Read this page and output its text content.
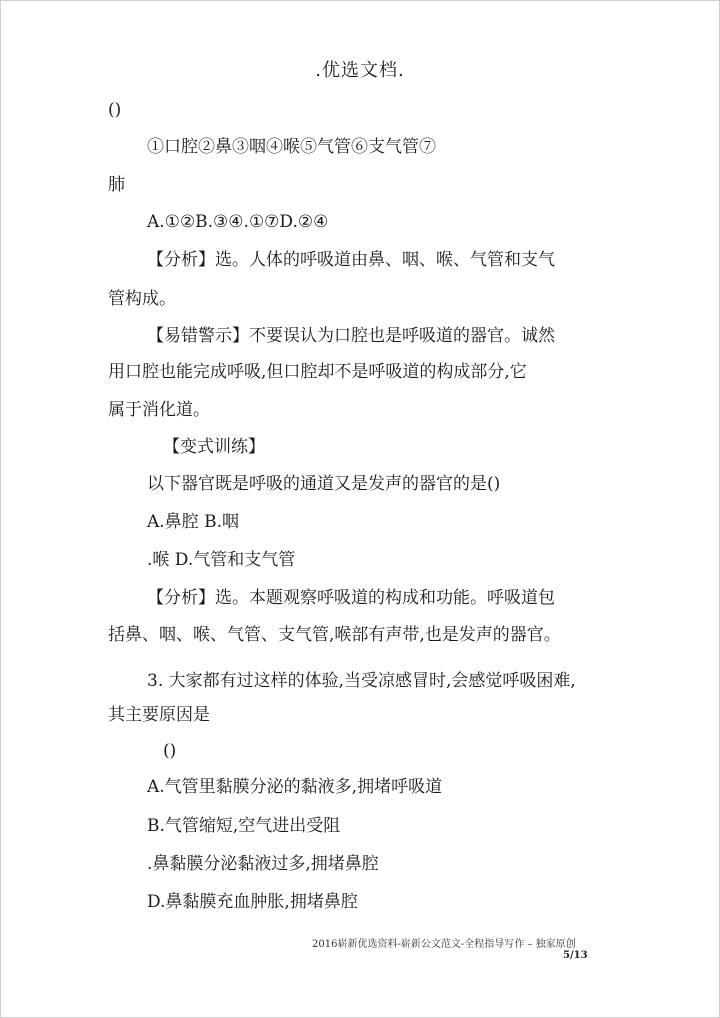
.优选文档.
()
①口腔②鼻③咽④喉⑤气管⑥支气管⑦
肺
A.①②B.③④.①⑦D.②④
【分析】选。人体的呼吸道由鼻、咽、喉、气管和支气
管构成。
【易错警示】不要误认为口腔也是呼吸道的器官。诚然
用口腔也能完成呼吸,但口腔却不是呼吸道的构成部分,它
属于消化道。
【变式训练】
以下器官既是呼吸的通道又是发声的器官的是()
A.鼻腔 B.咽
.喉 D.气管和支气管
【分析】选。本题观察呼吸道的构成和功能。呼吸道包
括鼻、咽、喉、气管、支气管,喉部有声带,也是发声的器官。
3. 大家都有过这样的体验,当受凉感冒时,会感觉呼吸困难,
其主要原因是
()
A.气管里黏膜分泌的黏液多,拥堵呼吸道
B.气管缩短,空气进出受阻
.鼻黏膜分泌黏液过多,拥堵鼻腔
D.鼻黏膜充血肿胀,拥堵鼻腔
2016崭新优选资料-崭新公文范文-全程指导写作 – 独家原创
5/13
